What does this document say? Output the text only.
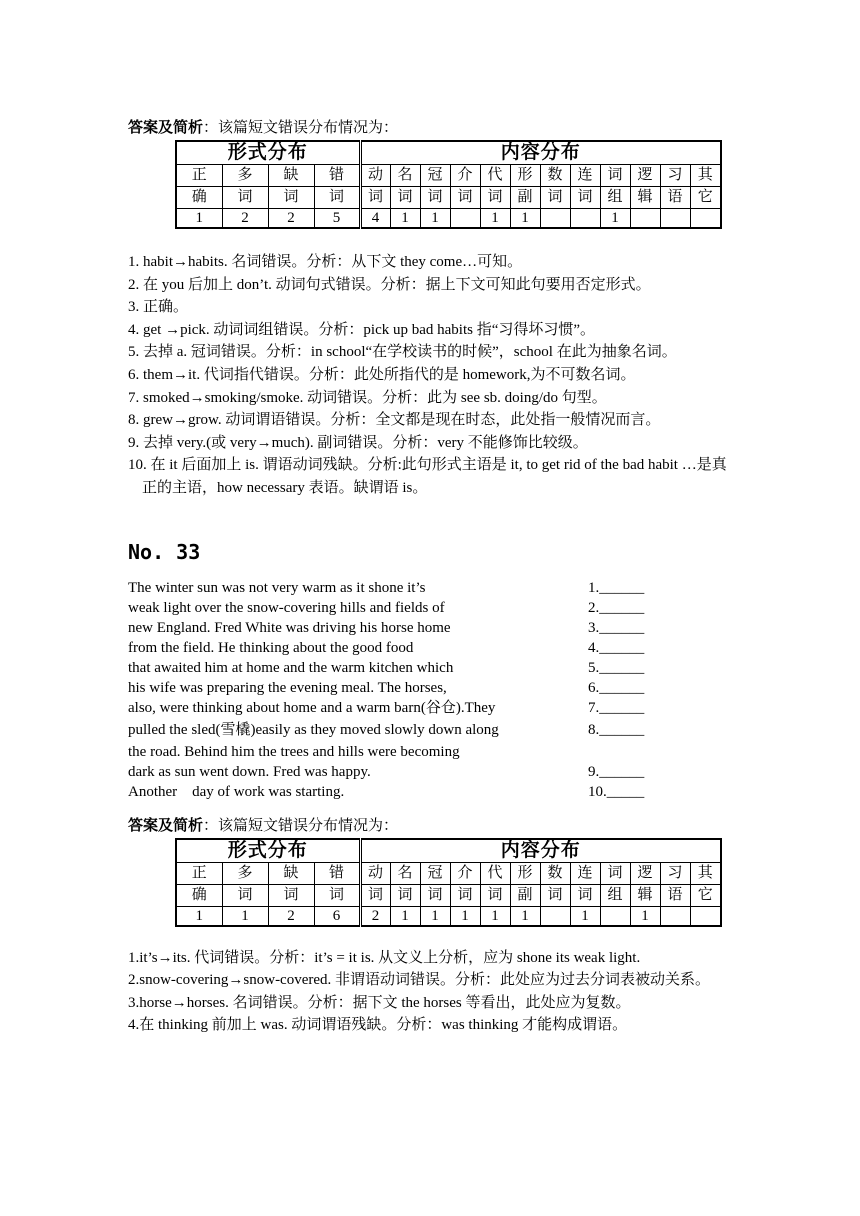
答案及简析：该篇短文错误分布情况为：
形式分布				内容分布											
正	多	缺	错	动	名	冠	介	代	形	数	连	词	逻	习	其
确	词	词	词	词	词	词	词	词	副	词	词	组	辑	语	它
1	2	2	5	4	1	1		1	1			1			
1. habit→habits. 名词错误。分析：从下文 they come…可知。
2. 在 you 后加上 don’t. 动词句式错误。分析：据上下文可知此句要用否定形式。
3. 正确。
4. get →pick. 动词词组错误。分析：pick up bad habits 指“习得坏习惯”。
5. 去掉 a. 冠词错误。分析：in school“在学校读书的时候”，school 在此为抽象名词。
6. them→it. 代词指代错误。分析：此处所指代的是 homework,为不可数名词。
7. smoked→smoking/smoke. 动词错误。分析：此为 see sb. doing/do 句型。
8. grew→grow. 动词谓语错误。分析：全文都是现在时态，此处指一般情况而言。
9. 去掉 very.(或 very→much). 副词错误。分析：very 不能修饰比较级。
10. 在 it 后面加上 is. 谓语动词残缺。分析:此句形式主语是 it, to get rid of the bad habit …是真正的主语，how necessary 表语。缺谓语 is。
No. 33
The winter sun was not very warm as it shone it’s	1.______
weak light over the snow-covering hills and fields of	2.______
new England. Fred White was driving his horse home	3.______
from the field. He thinking about the good food	4.______
that awaited him at home and the warm kitchen which	5.______
his wife was preparing the evening meal. The horses,	6.______
also, were thinking about home and a warm barn(谷仓).They	7.______
pulled the sled(雪橇)easily as they moved slowly down along	8.______
the road. Behind him the trees and hills were becoming
dark as sun went down. Fred was happy.	9.______
Another    day of work was starting.	10._____
答案及简析：该篇短文错误分布情况为：
形式分布				内容分布											
正	多	缺	错	动	名	冠	介	代	形	数	连	词	逻	习	其
确	词	词	词	词	词	词	词	词	副	词	词	组	辑	语	它
1	1	2	6	2	1	1	1	1	1		1		1		
1.it’s→its. 代词错误。分析：it’s = it is. 从文义上分析，应为 shone its weak light.
2.snow-covering→snow-covered. 非谓语动词错误。分析：此处应为过去分词表被动关系。
3.horse→horses. 名词错误。分析：据下文 the horses 等看出，此处应为复数。
4.在 thinking 前加上 was. 动词谓语残缺。分析：was thinking 才能构成谓语。
